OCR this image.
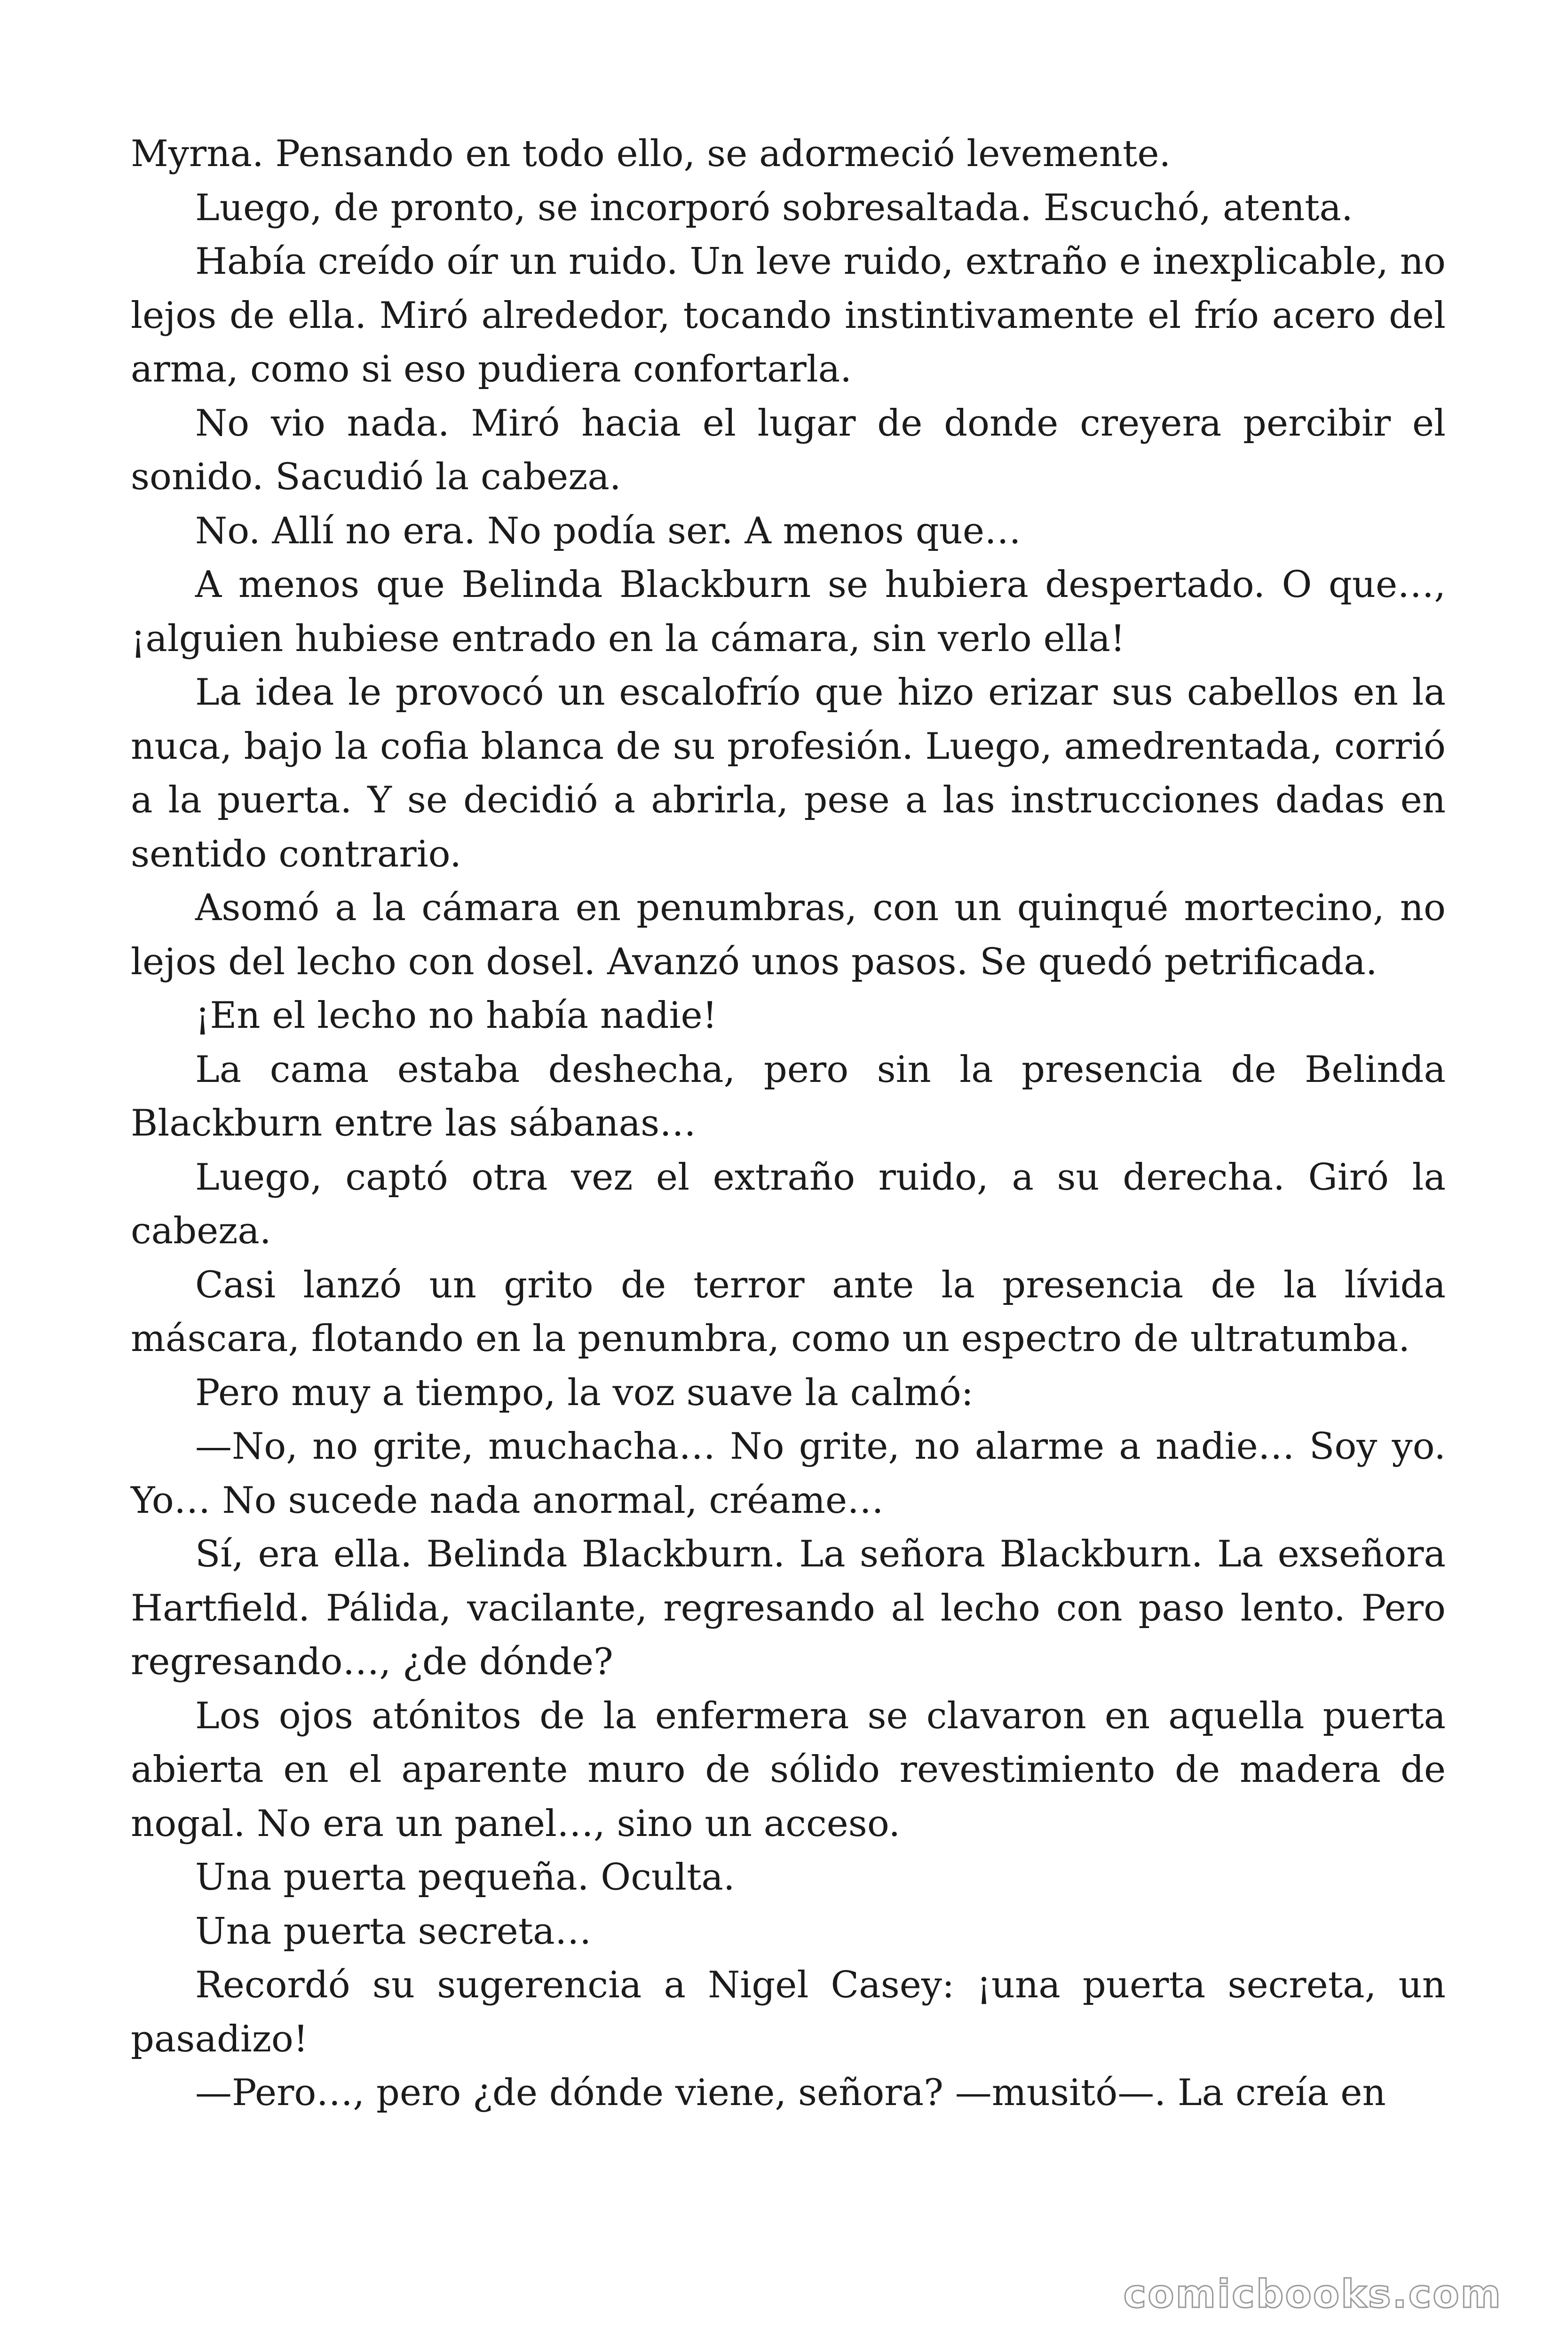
Myrna. Pensando en todo ello, se adormeció levemente.

Luego, de pronto, se incorporó sobresaltada. Escuchó, atenta.

Había creído oír un ruido. Un leve ruido, extraño e inexplicable, no lejos de ella. Miró alrededor, tocando instintivamente el frío acero del arma, como si eso pudiera confortarla.

No vio nada. Miró hacia el lugar de donde creyera percibir el sonido. Sacudió la cabeza.

No. Allí no era. No podía ser. A menos que…

A menos que Belinda Blackburn se hubiera despertado. O que…, ¡alguien hubiese entrado en la cámara, sin verlo ella!

La idea le provocó un escalofrío que hizo erizar sus cabellos en la nuca, bajo la cofia blanca de su profesión. Luego, amedrentada, corrió a la puerta. Y se decidió a abrirla, pese a las instrucciones dadas en sentido contrario.

Asomó a la cámara en penumbras, con un quinqué mortecino, no lejos del lecho con dosel. Avanzó unos pasos. Se quedó petrificada.

¡En el lecho no había nadie!

La cama estaba deshecha, pero sin la presencia de Belinda Blackburn entre las sábanas…

Luego, captó otra vez el extraño ruido, a su derecha. Giró la cabeza.

Casi lanzó un grito de terror ante la presencia de la lívida máscara, flotando en la penumbra, como un espectro de ultratumba.

Pero muy a tiempo, la voz suave la calmó:

—No, no grite, muchacha… No grite, no alarme a nadie… Soy yo. Yo… No sucede nada anormal, créame…

Sí, era ella. Belinda Blackburn. La señora Blackburn. La exseñora Hartfield. Pálida, vacilante, regresando al lecho con paso lento. Pero regresando…, ¿de dónde?

Los ojos atónitos de la enfermera se clavaron en aquella puerta abierta en el aparente muro de sólido revestimiento de madera de nogal. No era un panel…, sino un acceso.

Una puerta pequeña. Oculta.

Una puerta secreta…

Recordó su sugerencia a Nigel Casey: ¡una puerta secreta, un pasadizo!

—Pero…, pero ¿de dónde viene, señora? —musitó—. La creía en

comicbooks.com
